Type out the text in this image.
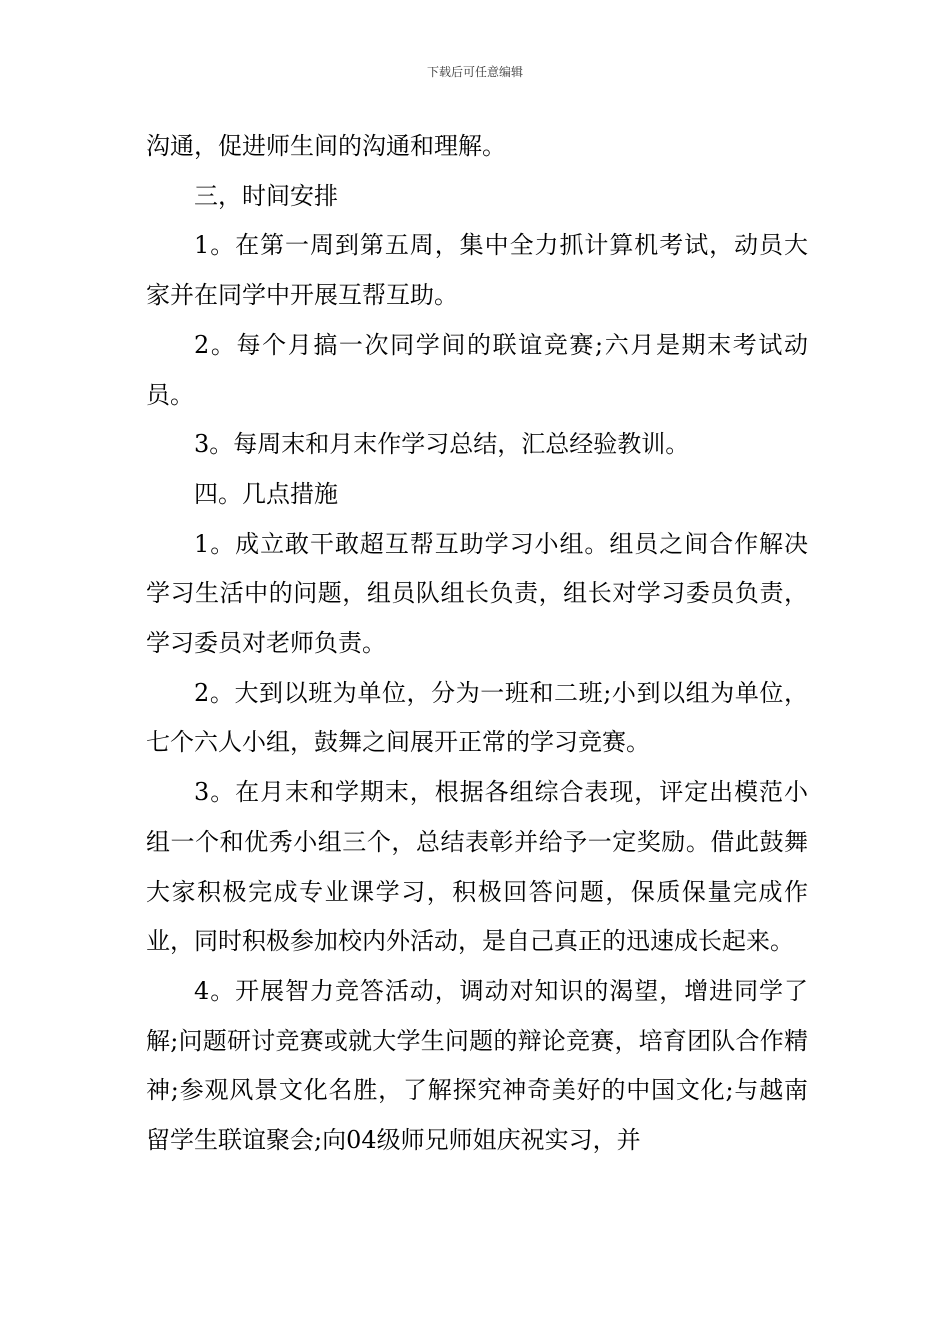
下载后可任意编辑

沟通，促进师生间的沟通和理解。

三，时间安排

1。在第一周到第五周，集中全力抓计算机考试，动员大家并在同学中开展互帮互助。

2。每个月搞一次同学间的联谊竞赛;六月是期末考试动员。

3。每周末和月末作学习总结，汇总经验教训。

四。几点措施

1。成立敢干敢超互帮互助学习小组。组员之间合作解决学习生活中的问题，组员队组长负责，组长对学习委员负责，学习委员对老师负责。

2。大到以班为单位，分为一班和二班;小到以组为单位，七个六人小组，鼓舞之间展开正常的学习竞赛。

3。在月末和学期末，根据各组综合表现，评定出模范小组一个和优秀小组三个，总结表彰并给予一定奖励。借此鼓舞大家积极完成专业课学习，积极回答问题，保质保量完成作业，同时积极参加校内外活动，是自己真正的迅速成长起来。

4。开展智力竞答活动，调动对知识的渴望，增进同学了解;问题研讨竞赛或就大学生问题的辩论竞赛，培育团队合作精神;参观风景文化名胜，了解探究神奇美好的中国文化;与越南留学生联谊聚会;向04级师兄师姐庆祝实习，并
